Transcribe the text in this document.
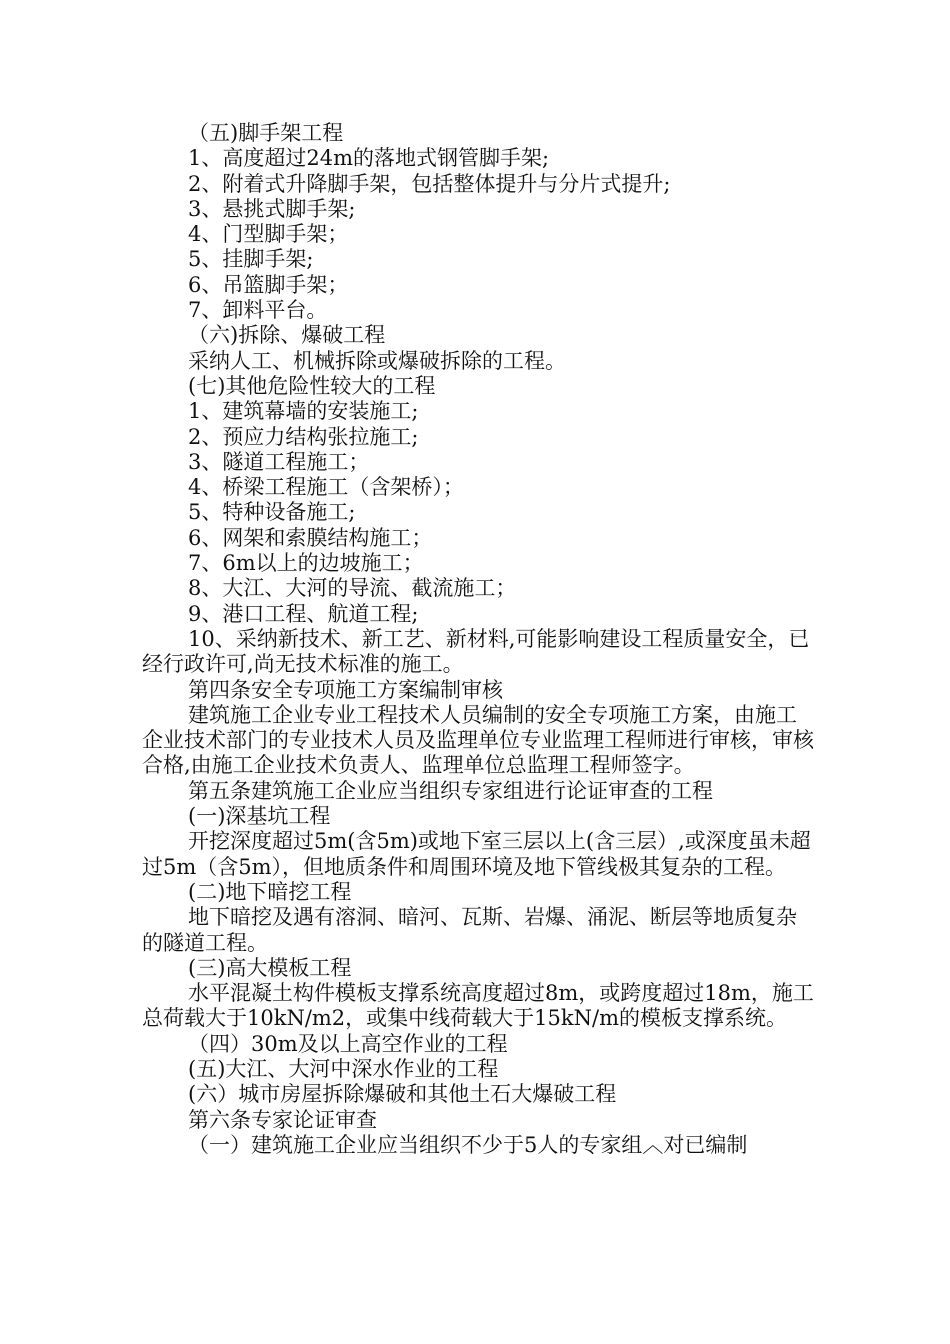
（五)脚手架工程

1、高度超过24m的落地式钢管脚手架;

2、附着式升降脚手架，包括整体提升与分片式提升;

3、悬挑式脚手架;

4、门型脚手架；

5、挂脚手架;

6、吊篮脚手架；

7、卸料平台。

（六)拆除、爆破工程

采纳人工、机械拆除或爆破拆除的工程。

(七)其他危险性较大的工程

1、建筑幕墙的安装施工;

2、预应力结构张拉施工;

3、隧道工程施工；

4、桥梁工程施工（含架桥）；

5、特种设备施工;

6、网架和索膜结构施工；

7、6m以上的边坡施工；

8、大江、大河的导流、截流施工；

9、港口工程、航道工程;

10、采纳新技术、新工艺、新材料,可能影响建设工程质量安全，已经行政许可,尚无技术标准的施工。

第四条安全专项施工方案编制审核

建筑施工企业专业工程技术人员编制的安全专项施工方案，由施工企业技术部门的专业技术人员及监理单位专业监理工程师进行审核，审核合格,由施工企业技术负责人、监理单位总监理工程师签字。

第五条建筑施工企业应当组织专家组进行论证审查的工程

(一)深基坑工程

开挖深度超过5m(含5m)或地下室三层以上(含三层）,或深度虽未超过5m（含5m），但地质条件和周围环境及地下管线极其复杂的工程。

(二)地下暗挖工程

地下暗挖及遇有溶洞、暗河、瓦斯、岩爆、涌泥、断层等地质复杂的隧道工程。

(三)高大模板工程

水平混凝土构件模板支撑系统高度超过8m，或跨度超过18m，施工总荷载大于10kN/m2，或集中线荷载大于15kN/m的模板支撑系统。

（四）30m及以上高空作业的工程

(五)大江、大河中深水作业的工程

(六）城市房屋拆除爆破和其他土石大爆破工程

第六条专家论证审查

（一）建筑施工企业应当组织不少于5人的专家组︿对已编制
